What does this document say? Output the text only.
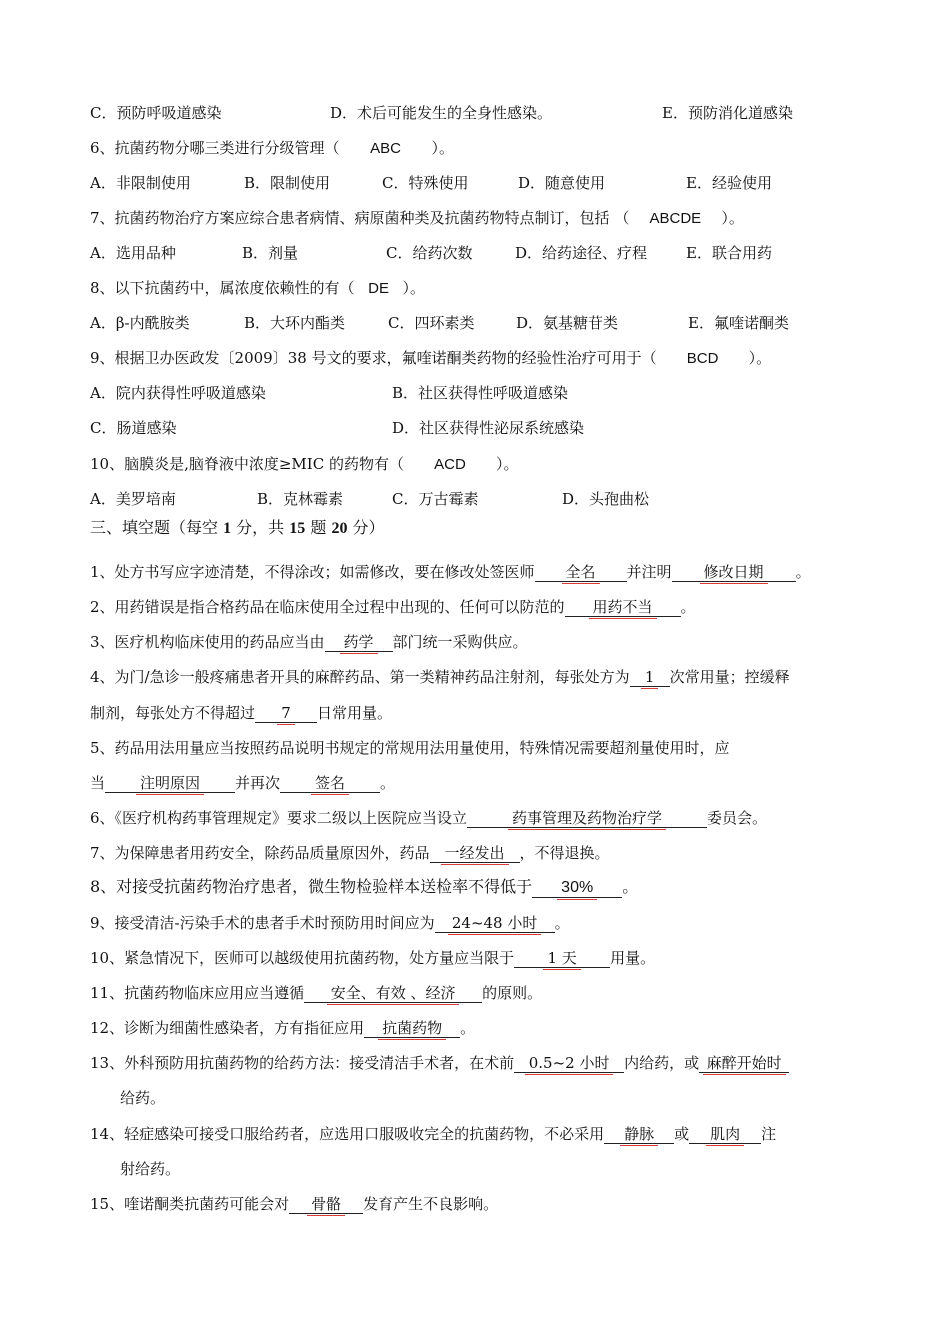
C．预防呼吸道感染	D．术后可能发生的全身性感染。	E．预防消化道感染
6、抗菌药物分哪三类进行分级管理（ ABC ）。
A．非限制使用	B．限制使用	C．特殊使用	D．随意使用	E．经验使用
7、抗菌药物治疗方案应综合患者病情、病原菌种类及抗菌药物特点制订，包括 （ ABCDE ）。
A．选用品种	B．剂量	C．给药次数	D．给药途径、疗程	E．联合用药
8、以下抗菌药中，属浓度依赖性的有（ DE ）。
A．β-内酰胺类	B．大环内酯类	C．四环素类	D．氨基糖苷类	E．氟喹诺酮类
9、根据卫办医政发〔2009〕38 号文的要求，氟喹诺酮类药物的经验性治疗可用于（ BCD ）。
A．院内获得性呼吸道感染	B．社区获得性呼吸道感染
C．肠道感染	D．社区获得性泌尿系统感染
10、脑膜炎是,脑脊液中浓度≥MIC 的药物有（ ACD ）。
A．美罗培南	B．克林霉素	C．万古霉素	D．头孢曲松
三、填空题（每空 1 分，共 15 题 20 分）
1、处方书写应字迹清楚，不得涂改；如需修改，要在修改处签医师 全名 并注明 修改日期 。
2、用药错误是指合格药品在临床使用全过程中出现的、任何可以防范的 用药不当 。
3、医疗机构临床使用的药品应当由 药学 部门统一采购供应。
4、为门/急诊一般疼痛患者开具的麻醉药品、第一类精神药品注射剂，每张处方为 1 次常用量；控缓释
制剂，每张处方不得超过 7 日常用量。
5、药品用法用量应当按照药品说明书规定的常规用法用量使用，特殊情况需要超剂量使用时，应
当 注明原因 并再次 签名 。
6、《医疗机构药事管理规定》要求二级以上医院应当设立	药事管理及药物治疗学	委员会。
7、为保障患者用药安全，除药品质量原因外，药品 一经发出 ，不得退换。
8、对接受抗菌药物治疗患者，微生物检验样本送检率不得低于 30% 。
9、接受清洁-污染手术的患者手术时预防用时间应为 24~48 小时 。
10、紧急情况下，医师可以越级使用抗菌药物，处方量应当限于 1 天 用量。
11、抗菌药物临床应用应当遵循 安全、有效 、经济 的原则。
12、诊断为细菌性感染者，方有指征应用 抗菌药物 。
13、外科预防用抗菌药物的给药方法：接受清洁手术者，在术前 0.5~2 小时 内给药，或 麻醉开始时
给药。
14、轻症感染可接受口服给药者，应选用口服吸收完全的抗菌药物，不必采用 静脉 或 肌肉 注
射给药。
15、喹诺酮类抗菌药可能会对 骨骼 发育产生不良影响。
